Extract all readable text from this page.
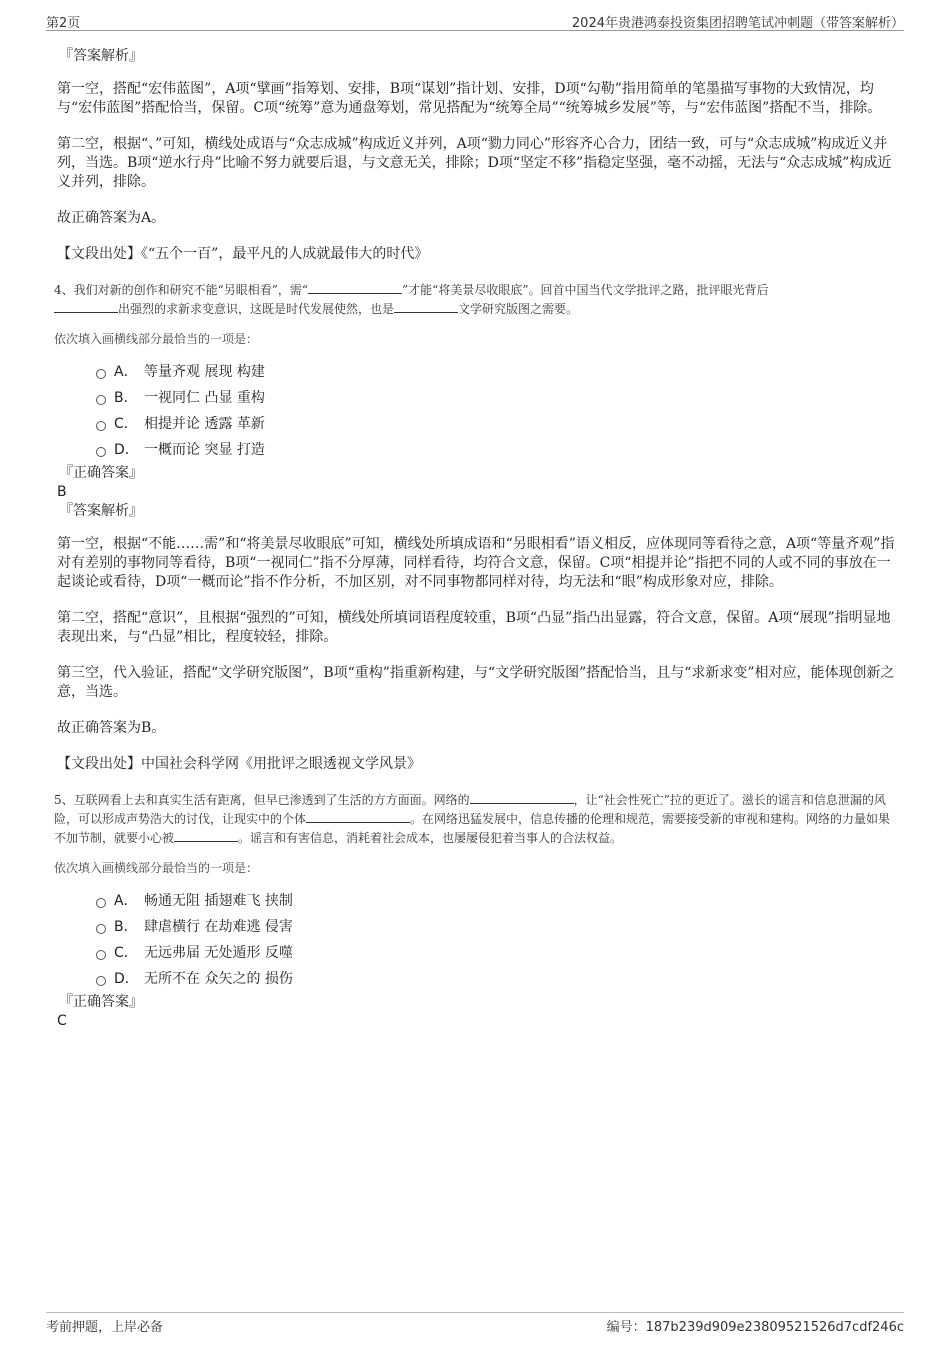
第2页	2024年贵港鸿泰投资集团招聘笔试冲刺题（带答案解析）
『答案解析』

第一空，搭配“宏伟蓝图”，A项“擘画”指筹划、安排，B项“谋划”指计划、安排，D项“勾勒”指用简单的笔墨描写事物的大致情况，均与“宏伟蓝图”搭配恰当，保留。C项“统筹”意为通盘筹划，常见搭配为“统筹全局”“统筹城乡发展”等，与“宏伟蓝图”搭配不当，排除。

第二空，根据“、”可知，横线处成语与“众志成城”构成近义并列，A项“勠力同心”形容齐心合力，团结一致，可与“众志成城”构成近义并列，当选。B项“逆水行舟”比喻不努力就要后退，与文意无关，排除；D项“坚定不移”指稳定坚强，毫不动摇，无法与“众志成城”构成近义并列，排除。

故正确答案为A。

【文段出处】《“五个一百”，最平凡的人成就最伟大的时代》

4、我们对新的创作和研究不能“另眼相看”，需“	”才能“将美景尽收眼底”。回首中国当代文学批评之路，批评眼光背后
出强烈的求新求变意识，这既是时代发展使然，也是	文学研究版图之需要。
依次填入画横线部分最恰当的一项是：
A． 等量齐观 展现 构建
B． 一视同仁 凸显 重构
C． 相提并论 透露 革新
D． 一概而论 突显 打造
『正确答案』
B
『答案解析』

第一空，根据“不能……需”和“将美景尽收眼底”可知，横线处所填成语和“另眼相看”语义相反，应体现同等看待之意，A项“等量齐观”指对有差别的事物同等看待，B项“一视同仁”指不分厚薄，同样看待，均符合文意，保留。C项“相提并论”指把不同的人或不同的事放在一起谈论或看待，D项“一概而论”指不作分析，不加区别，对不同事物都同样对待，均无法和“眼”构成形象对应，排除。

第二空，搭配“意识”，且根据“强烈的”可知，横线处所填词语程度较重，B项“凸显”指凸出显露，符合文意，保留。A项“展现”指明显地表现出来，与“凸显”相比，程度较轻，排除。

第三空，代入验证，搭配“文学研究版图”，B项“重构”指重新构建，与“文学研究版图”搭配恰当，且与“求新求变”相对应，能体现创新之意，当选。

故正确答案为B。

【文段出处】中国社会科学网《用批评之眼透视文学风景》

5、互联网看上去和真实生活有距离，但早已渗透到了生活的方方面面。网络的	，让“社会性死亡”拉的更近了。滋长的谣言和信息泄漏的风险，可以形成声势浩大的讨伐，让现实中的个体	。在网络迅猛发展中，信息传播的伦理和规范，需要接受新的审视和建构。网络的力量如果不加节制，就要小心被	。谣言和有害信息，消耗着社会成本，也屡屡侵犯着当事人的合法权益。
依次填入画横线部分最恰当的一项是：
A． 畅通无阻 插翅难飞 挟制
B． 肆虐横行 在劫难逃 侵害
C． 无远弗届 无处遁形 反噬
D． 无所不在 众矢之的 损伤
『正确答案』
C
考前押题，上岸必备	编号：187b239d909e23809521526d7cdf246c
